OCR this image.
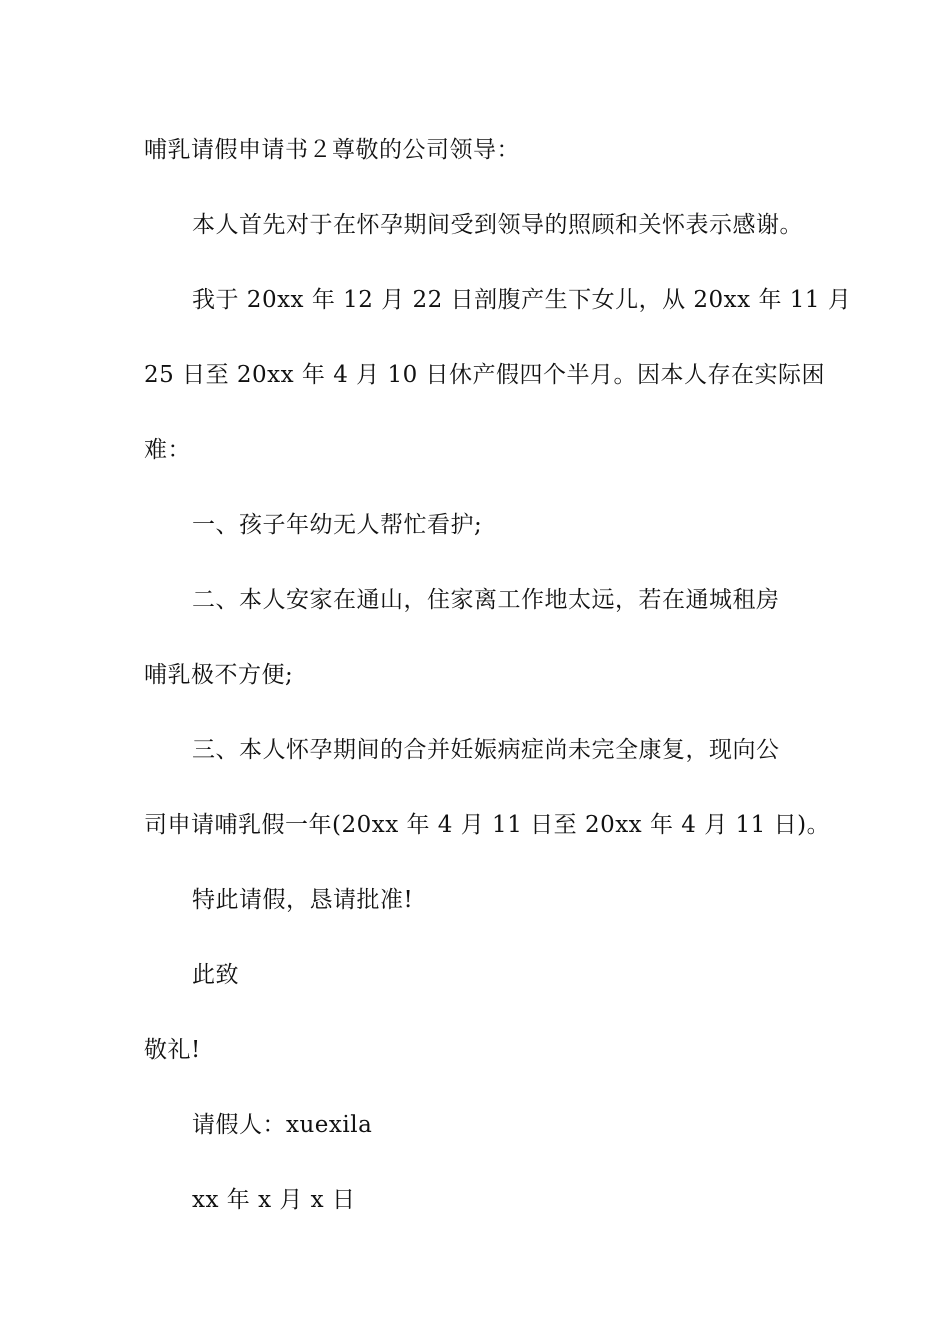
哺乳请假申请书２尊敬的公司领导：
本人首先对于在怀孕期间受到领导的照顾和关怀表示感谢。
我于 20xx 年 12 月 22 日剖腹产生下女儿，从 20xx 年 11 月
25 日至 20xx 年 4 月 10 日休产假四个半月。因本人存在实际困
难：
一、孩子年幼无人帮忙看护;
二、本人安家在通山，住家离工作地太远，若在通城租房
哺乳极不方便;
三、本人怀孕期间的合并妊娠病症尚未完全康复，现向公
司申请哺乳假一年(20xx 年 4 月 11 日至 20xx 年 4 月 11 日)。
特此请假，恳请批准!
此致
敬礼!
请假人：xuexila
xx 年 x 月 x 日
